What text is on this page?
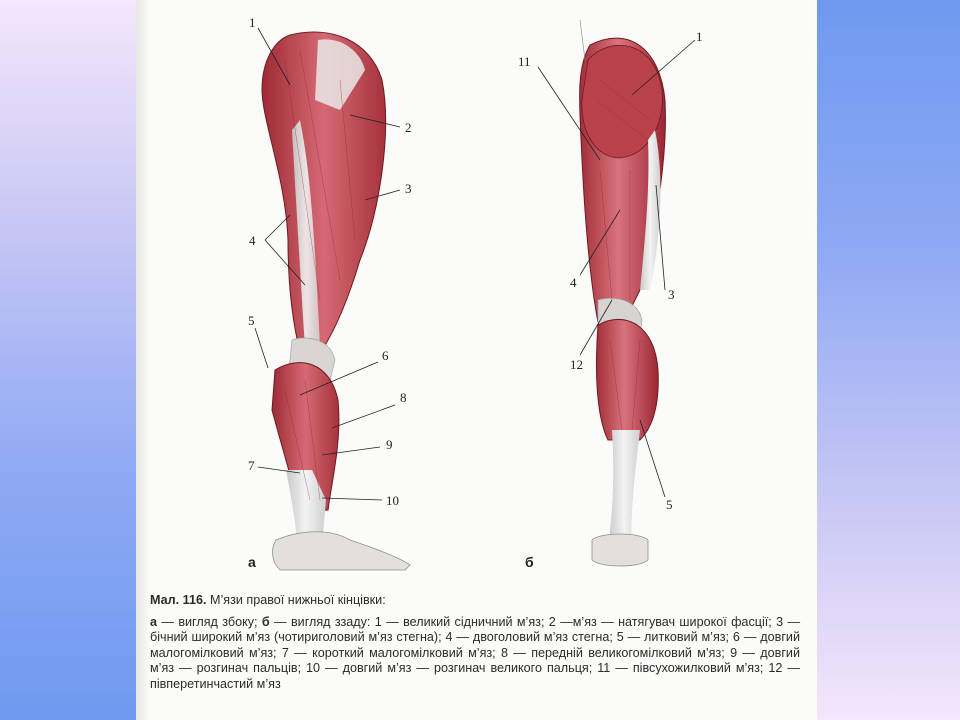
1
2
3
4
5
6
8
9
7
10
11
1
4
3
12
5
а	б
Мал. 116. М’язи правої нижньої кінцівки:

а — вигляд збоку; б — вигляд ззаду: 1 — великий сідничний м’яз; 2 —м’яз — натягувач широкої фасції; 3 — бічний широкий м’яз (чотириголовий м’яз стегна); 4 — двоголовий м’яз стегна; 5 — литковий м’яз; 6 — довгий малогомілковий м’яз; 7 — короткий малогомілковий м’яз; 8 — передній великогомілковий м’яз; 9 — довгий м’яз — розгинач пальців; 10 — довгий м’яз — розгинач великого пальця; 11 — півсухожилковий м’яз; 12 — півперетинчастий м’яз
